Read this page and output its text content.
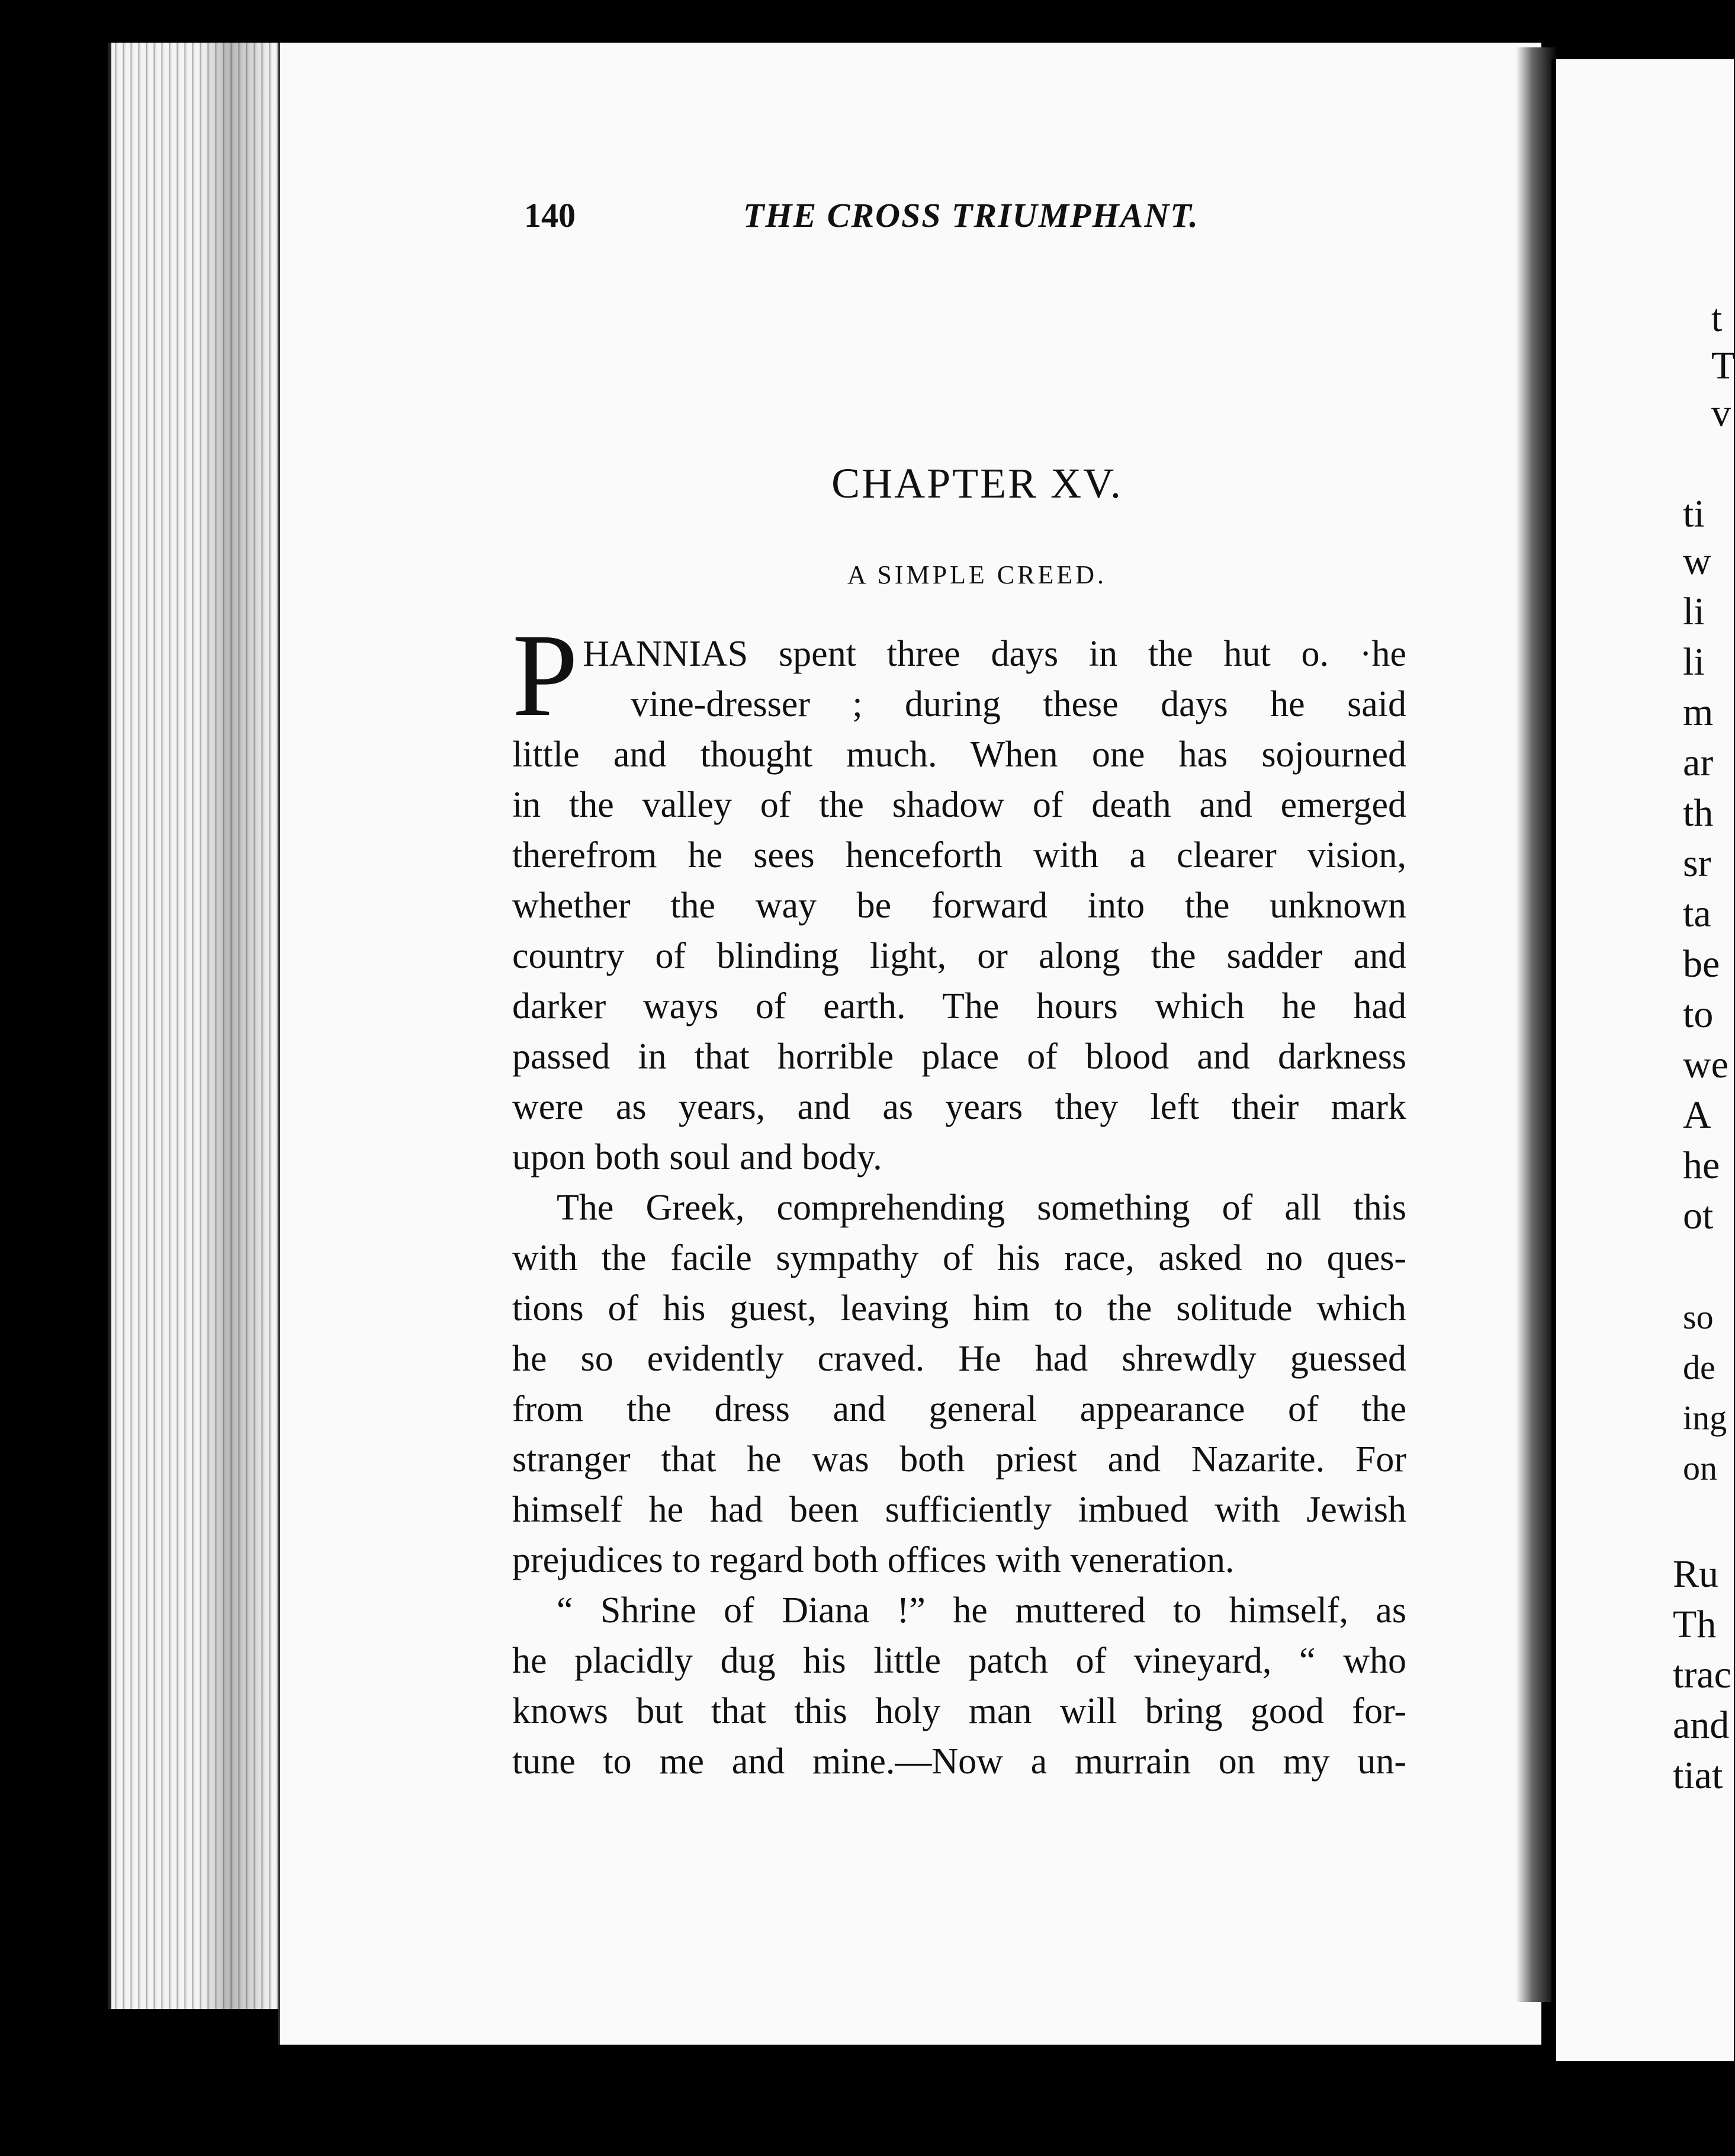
t
T
v
ti
w
li
li
m
ar
th
sr
ta
be
to
we
A
he
ot
so
de
ing
on
Ru
Th
trac
and
tiat
140	THE CROSS TRIUMPHANT.
CHAPTER XV.
A SIMPLE CREED.
P HANNIAS spent three days in the hut o. ·he
vine-dresser ; during these days he said
little and thought much. When one has sojourned
in the valley of the shadow of death and emerged
therefrom he sees henceforth with a clearer vision,
whether the way be forward into the unknown
country of blinding light, or along the sadder and
darker ways of earth. The hours which he had
passed in that horrible place of blood and darkness
were as years, and as years they left their mark
upon both soul and body.
The Greek, comprehending something of all this
with the facile sympathy of his race, asked no ques-
tions of his guest, leaving him to the solitude which
he so evidently craved. He had shrewdly guessed
from the dress and general appearance of the
stranger that he was both priest and Nazarite. For
himself he had been sufficiently imbued with Jewish
prejudices to regard both offices with veneration.
“ Shrine of Diana !” he muttered to himself, as
he placidly dug his little patch of vineyard, “ who
knows but that this holy man will bring good for-
tune to me and mine.—Now a murrain on my un-
